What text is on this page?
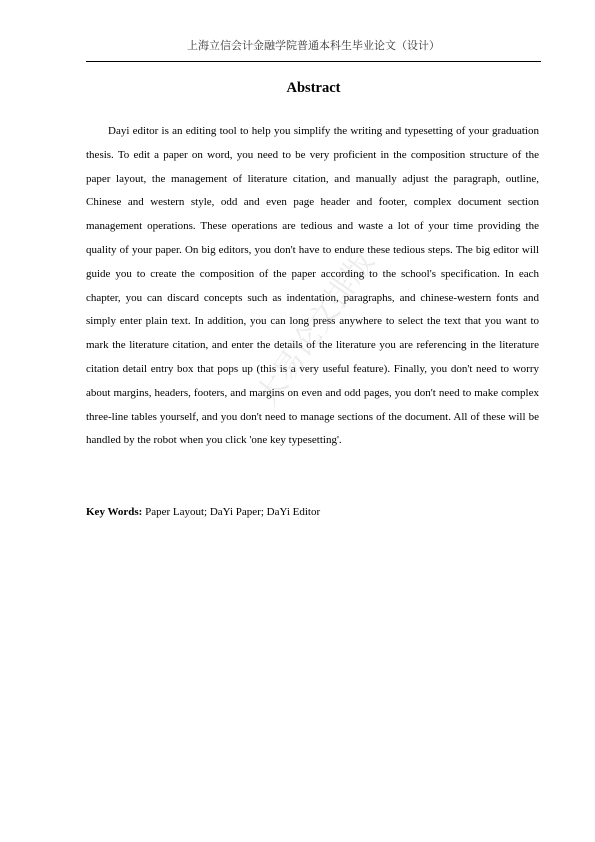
上海立信会计金融学院普通本科生毕业论文（设计）
Abstract

Dayi editor is an editing tool to help you simplify the writing and typesetting of your graduation thesis. To edit a paper on word, you need to be very proficient in the composition structure of the paper layout, the management of literature citation, and manually adjust the paragraph, outline, Chinese and western style, odd and even page header and footer, complex document section management operations. These operations are tedious and waste a lot of your time providing the quality of your paper. On big editors, you don't have to endure these tedious steps. The big editor will guide you to create the composition of the paper according to the school's specification. In each chapter, you can discard concepts such as indentation, paragraphs, and chinese-western fonts and simply enter plain text. In addition, you can long press anywhere to select the text that you want to mark the literature citation, and enter the details of the literature you are referencing in the literature citation detail entry box that pops up (this is a very useful feature). Finally, you don't need to worry about margins, headers, footers, and margins on even and odd pages, you don't need to make complex three-line tables yourself, and you don't need to manage sections of the document. All of these will be handled by the robot when you click 'one key typesetting'.

Key Words: Paper Layout; DaYi Paper; DaYi Editor

大易论文排版
